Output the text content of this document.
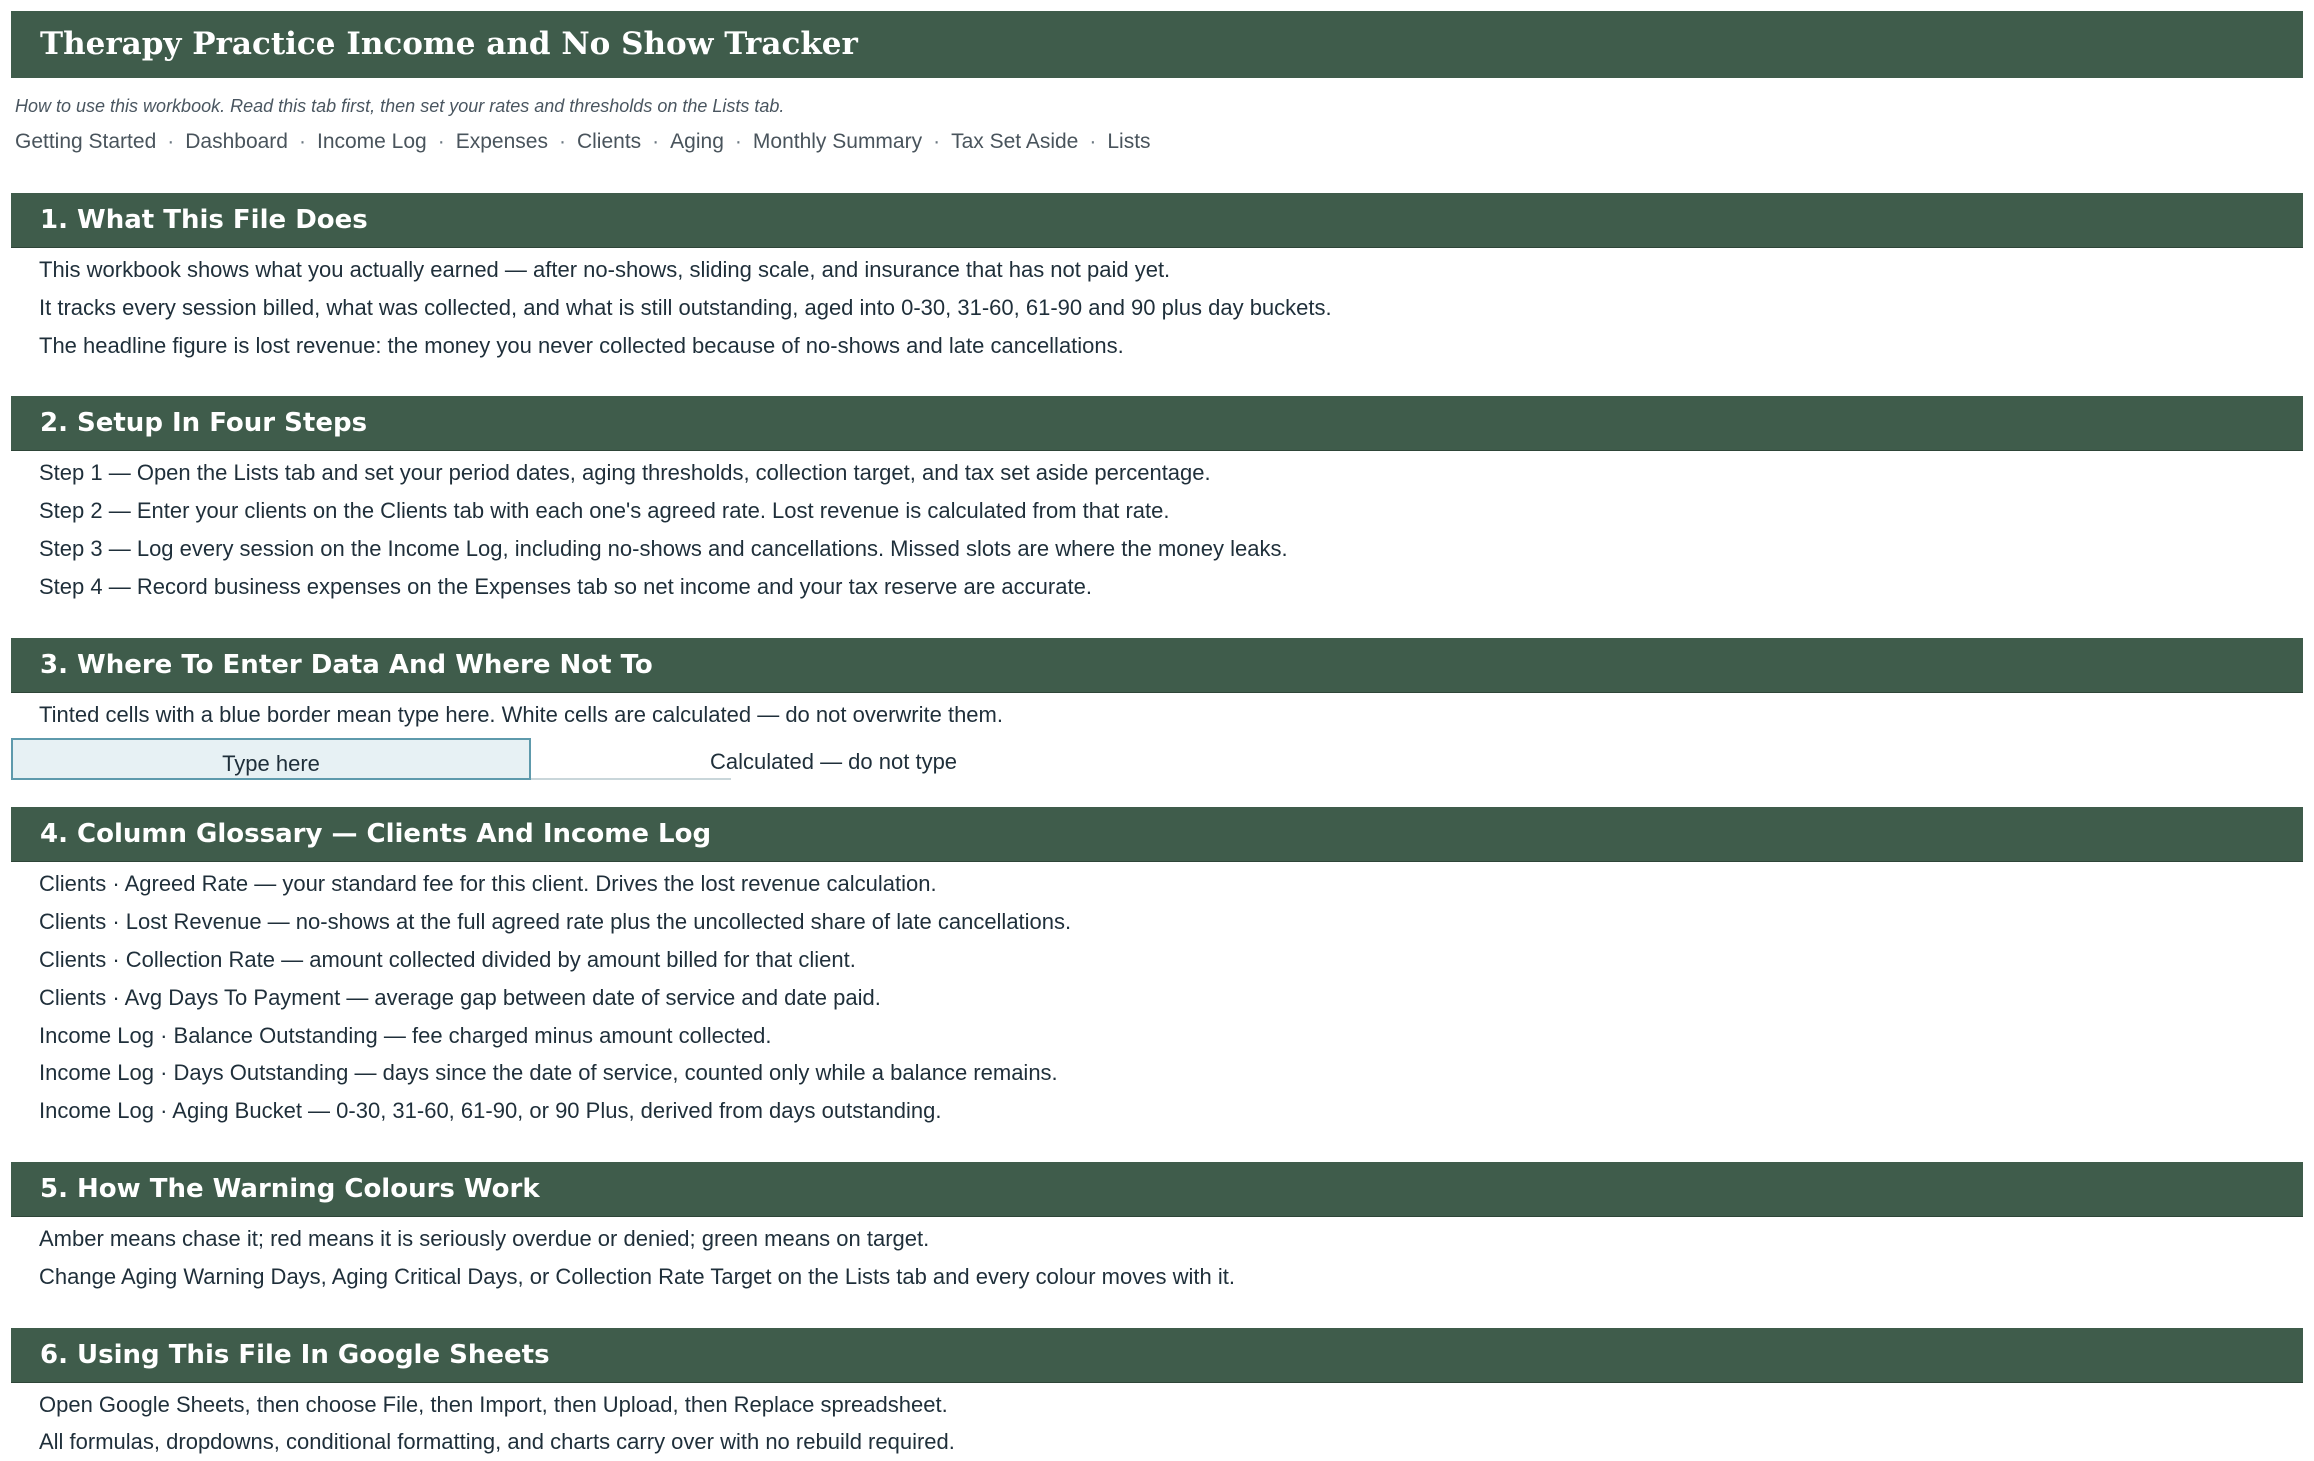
Therapy Practice Income and No Show Tracker
How to use this workbook. Read this tab first, then set your rates and thresholds on the Lists tab.
Getting Started · Dashboard · Income Log · Expenses · Clients · Aging · Monthly Summary · Tax Set Aside · Lists
1. What This File Does
This workbook shows what you actually earned — after no-shows, sliding scale, and insurance that has not paid yet.
It tracks every session billed, what was collected, and what is still outstanding, aged into 0-30, 31-60, 61-90 and 90 plus day buckets.
The headline figure is lost revenue: the money you never collected because of no-shows and late cancellations.
2. Setup In Four Steps
Step 1 — Open the Lists tab and set your period dates, aging thresholds, collection target, and tax set aside percentage.
Step 2 — Enter your clients on the Clients tab with each one's agreed rate. Lost revenue is calculated from that rate.
Step 3 — Log every session on the Income Log, including no-shows and cancellations. Missed slots are where the money leaks.
Step 4 — Record business expenses on the Expenses tab so net income and your tax reserve are accurate.
3. Where To Enter Data And Where Not To
Tinted cells with a blue border mean type here. White cells are calculated — do not overwrite them.
Type here	Calculated — do not type
4. Column Glossary — Clients And Income Log
Clients · Agreed Rate — your standard fee for this client. Drives the lost revenue calculation.
Clients · Lost Revenue — no-shows at the full agreed rate plus the uncollected share of late cancellations.
Clients · Collection Rate — amount collected divided by amount billed for that client.
Clients · Avg Days To Payment — average gap between date of service and date paid.
Income Log · Balance Outstanding — fee charged minus amount collected.
Income Log · Days Outstanding — days since the date of service, counted only while a balance remains.
Income Log · Aging Bucket — 0-30, 31-60, 61-90, or 90 Plus, derived from days outstanding.
5. How The Warning Colours Work
Amber means chase it; red means it is seriously overdue or denied; green means on target.
Change Aging Warning Days, Aging Critical Days, or Collection Rate Target on the Lists tab and every colour moves with it.
6. Using This File In Google Sheets
Open Google Sheets, then choose File, then Import, then Upload, then Replace spreadsheet.
All formulas, dropdowns, conditional formatting, and charts carry over with no rebuild required.
